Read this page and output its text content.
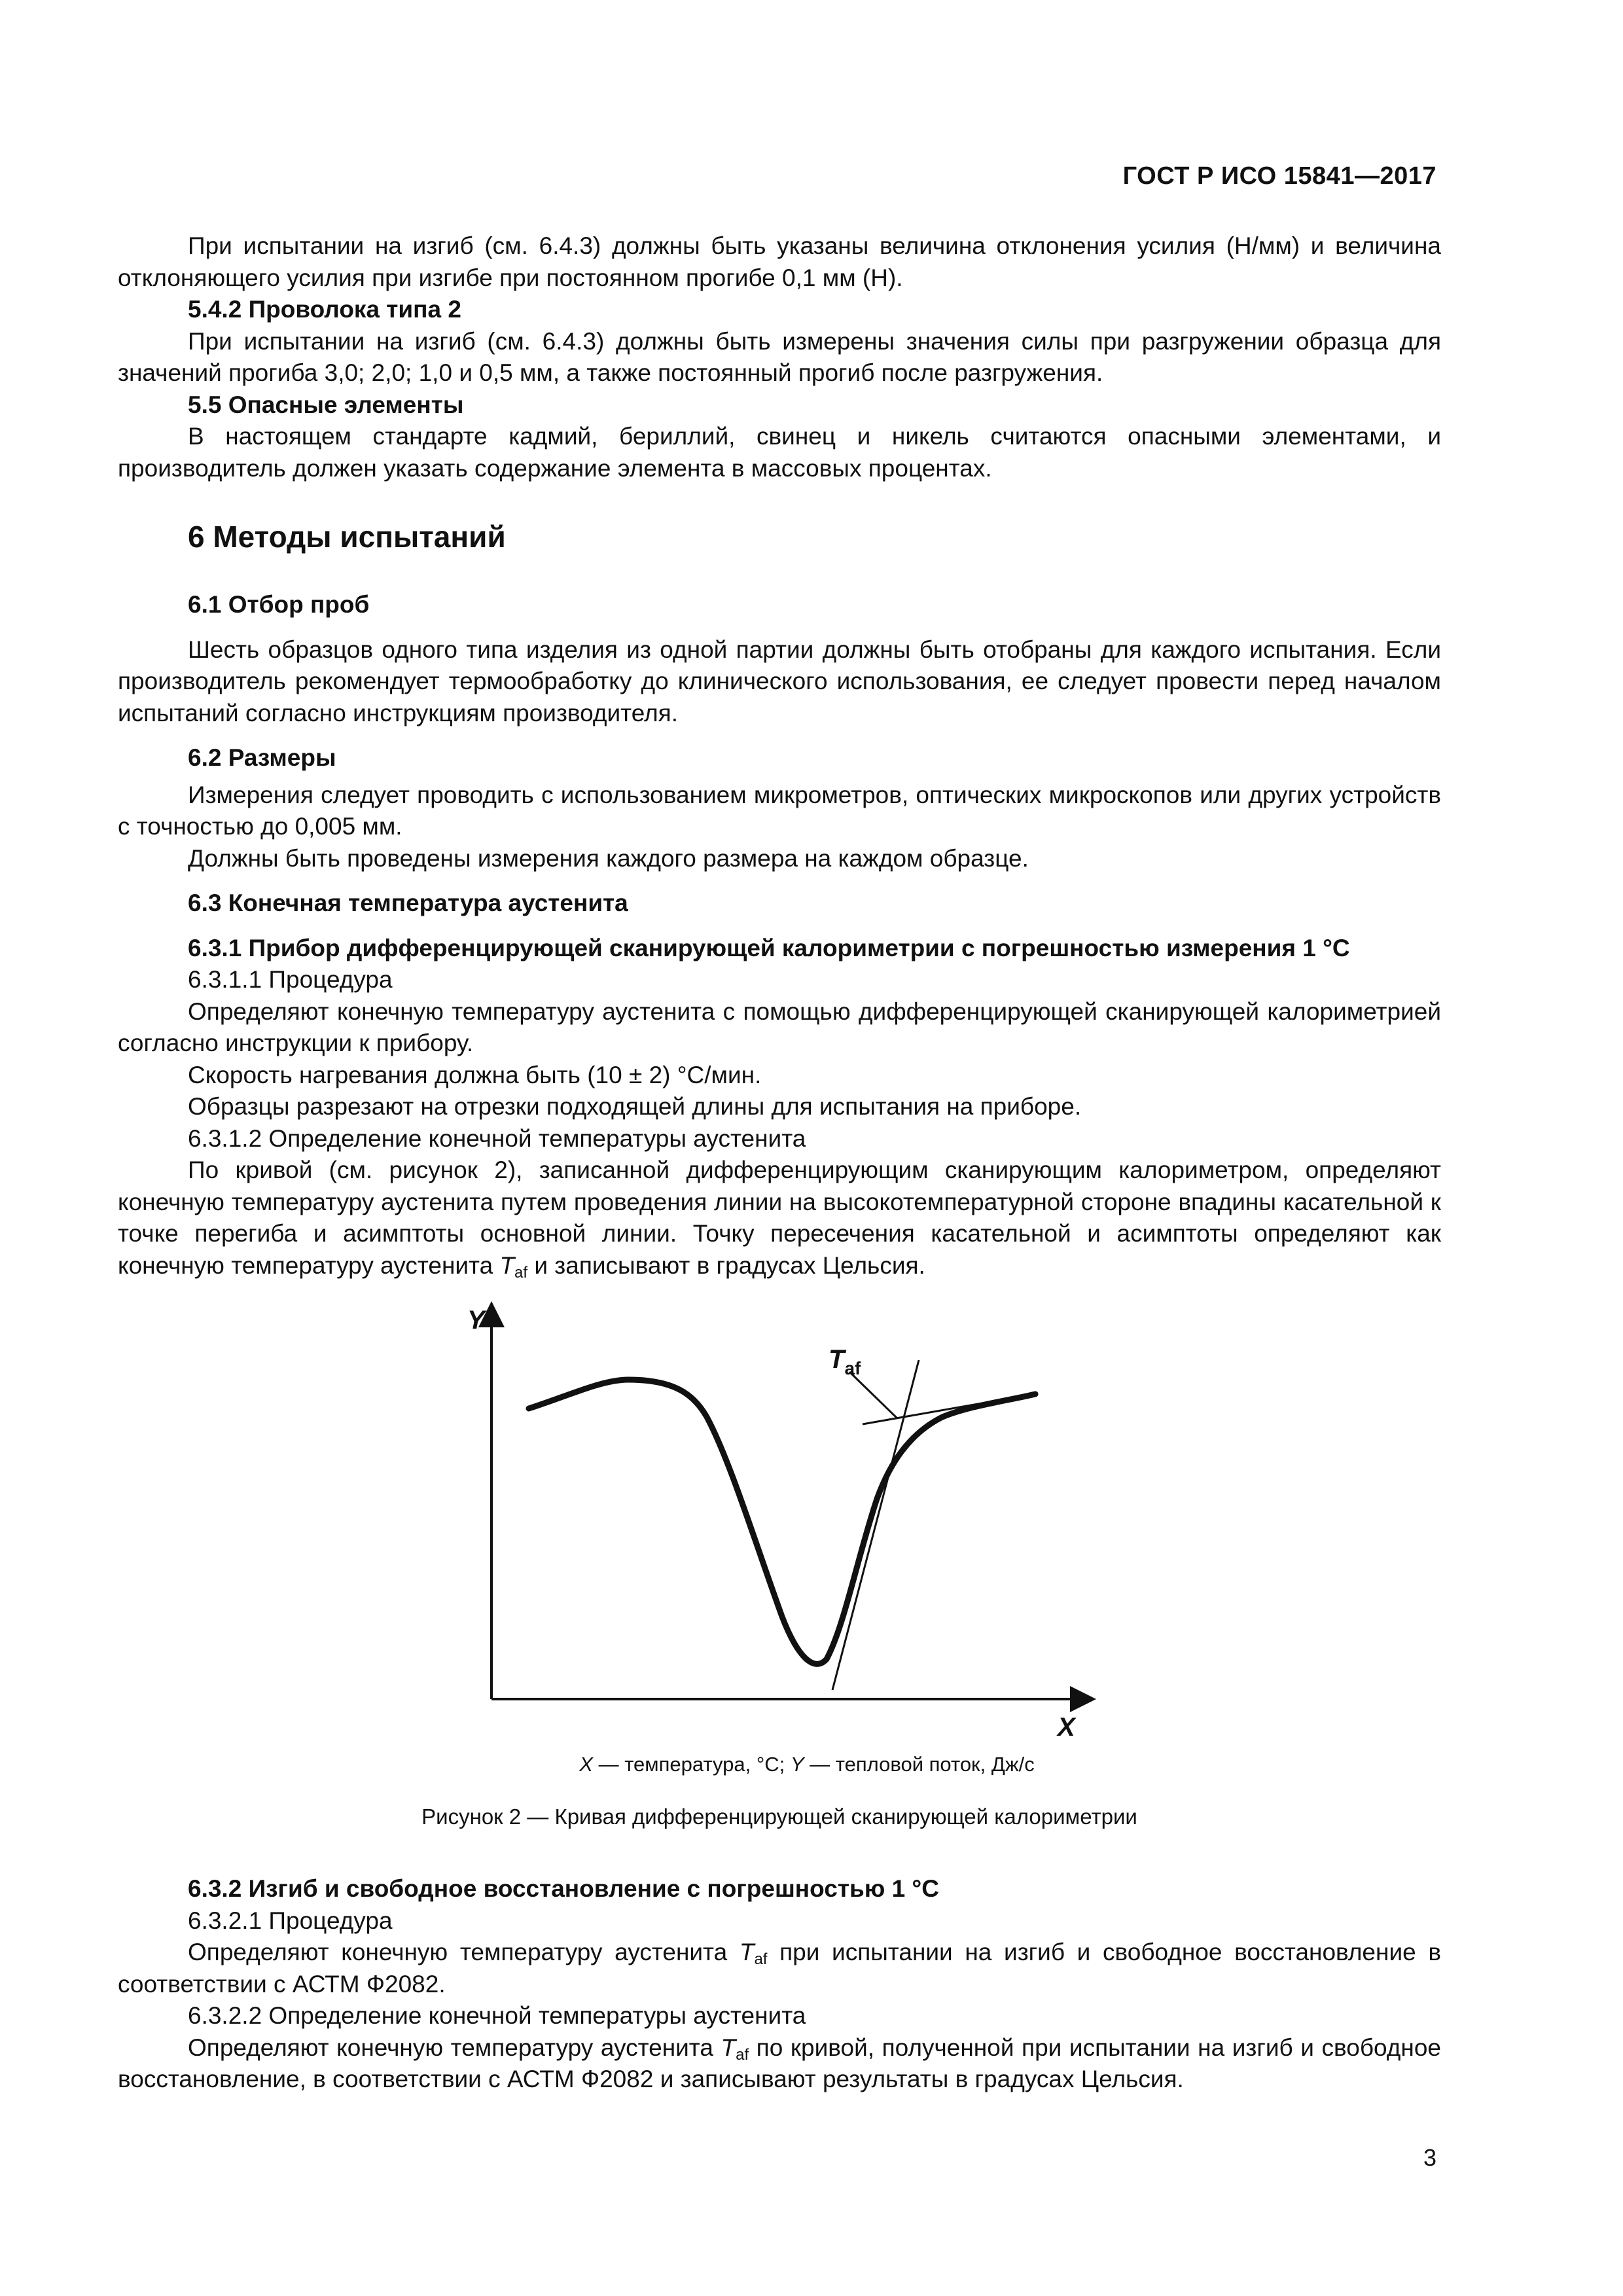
ГОСТ Р ИСО 15841—2017

При испытании на изгиб (см. 6.4.3) должны быть указаны величина отклонения усилия (Н/мм) и величина отклоняющего усилия при изгибе при постоянном прогибе 0,1 мм (Н).

5.4.2 Проволока типа 2

При испытании на изгиб (см. 6.4.3) должны быть измерены значения силы при разгружении образца для значений прогиба 3,0; 2,0; 1,0 и 0,5 мм, а также постоянный прогиб после разгружения.

5.5 Опасные элементы

В настоящем стандарте кадмий, бериллий, свинец и никель считаются опасными элементами, и производитель должен указать содержание элемента в массовых процентах.

6 Методы испытаний

6.1 Отбор проб

Шесть образцов одного типа изделия из одной партии должны быть отобраны для каждого испытания. Если производитель рекомендует термообработку до клинического использования, ее следует провести перед началом испытаний согласно инструкциям производителя.

6.2 Размеры

Измерения следует проводить с использованием микрометров, оптических микроскопов или других устройств с точностью до 0,005 мм.

Должны быть проведены измерения каждого размера на каждом образце.

6.3 Конечная температура аустенита

6.3.1 Прибор дифференцирующей сканирующей калориметрии с погрешностью измерения 1 °С

6.3.1.1 Процедура

Определяют конечную температуру аустенита с помощью дифференцирующей сканирующей калориметрией согласно инструкции к прибору.

Скорость нагревания должна быть (10 ± 2) °С/мин.

Образцы разрезают на отрезки подходящей длины для испытания на приборе.

6.3.1.2 Определение конечной температуры аустенита

По кривой (см. рисунок 2), записанной дифференцирующим сканирующим калориметром, определяют конечную температуру аустенита путем проведения линии на высокотемпературной стороне впадины касательной к точке перегиба и асимптоты основной линии. Точку пересечения касательной и асимптоты определяют как конечную температуру аустенита $T_{af}$ и записывают в градусах Цельсия.

Y
X
$T_{af}$

X — температура, °С; Y — тепловой поток, Дж/с

Рисунок 2 — Кривая дифференцирующей сканирующей калориметрии

6.3.2 Изгиб и свободное восстановление с погрешностью 1 °С

6.3.2.1 Процедура

Определяют конечную температуру аустенита $T_{af}$ при испытании на изгиб и свободное восстановление в соответствии с АСТМ Ф2082.

6.3.2.2 Определение конечной температуры аустенита

Определяют конечную температуру аустенита $T_{af}$ по кривой, полученной при испытании на изгиб и свободное восстановление, в соответствии с АСТМ Ф2082 и записывают результаты в градусах Цельсия.

3
